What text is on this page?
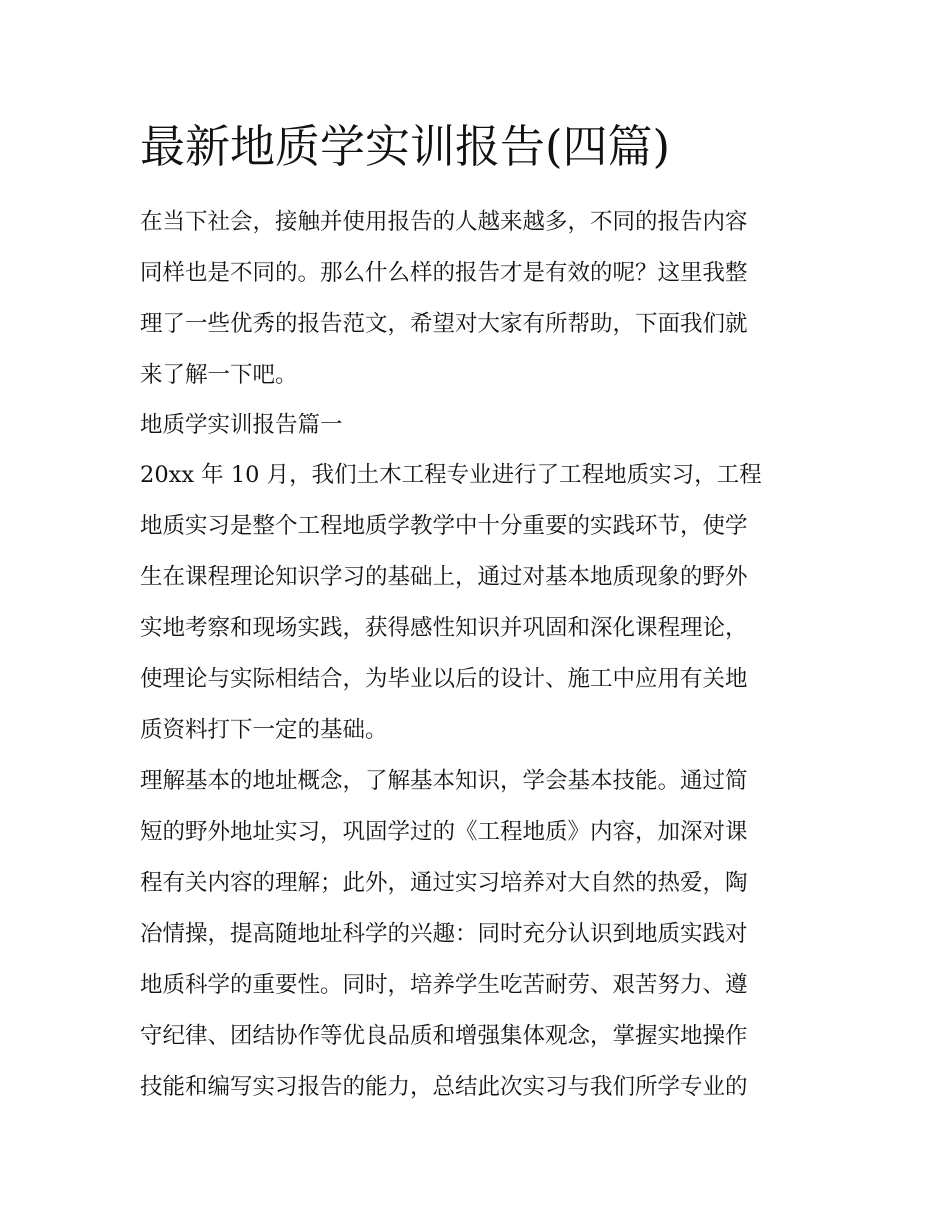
最新地质学实训报告(四篇)

在当下社会，接触并使用报告的人越来越多，不同的报告内容

同样也是不同的。那么什么样的报告才是有效的呢？这里我整

理了一些优秀的报告范文，希望对大家有所帮助，下面我们就

来了解一下吧。

地质学实训报告篇一

20xx 年 10 月，我们土木工程专业进行了工程地质实习，工程

地质实习是整个工程地质学教学中十分重要的实践环节，使学

生在课程理论知识学习的基础上，通过对基本地质现象的野外

实地考察和现场实践，获得感性知识并巩固和深化课程理论，

使理论与实际相结合，为毕业以后的设计、施工中应用有关地

质资料打下一定的基础。

理解基本的地址概念，了解基本知识，学会基本技能。通过简

短的野外地址实习，巩固学过的《工程地质》内容，加深对课

程有关内容的理解；此外，通过实习培养对大自然的热爱，陶

冶情操，提高随地址科学的兴趣：同时充分认识到地质实践对

地质科学的重要性。同时，培养学生吃苦耐劳、艰苦努力、遵

守纪律、团结协作等优良品质和增强集体观念，掌握实地操作

技能和编写实习报告的能力，总结此次实习与我们所学专业的
